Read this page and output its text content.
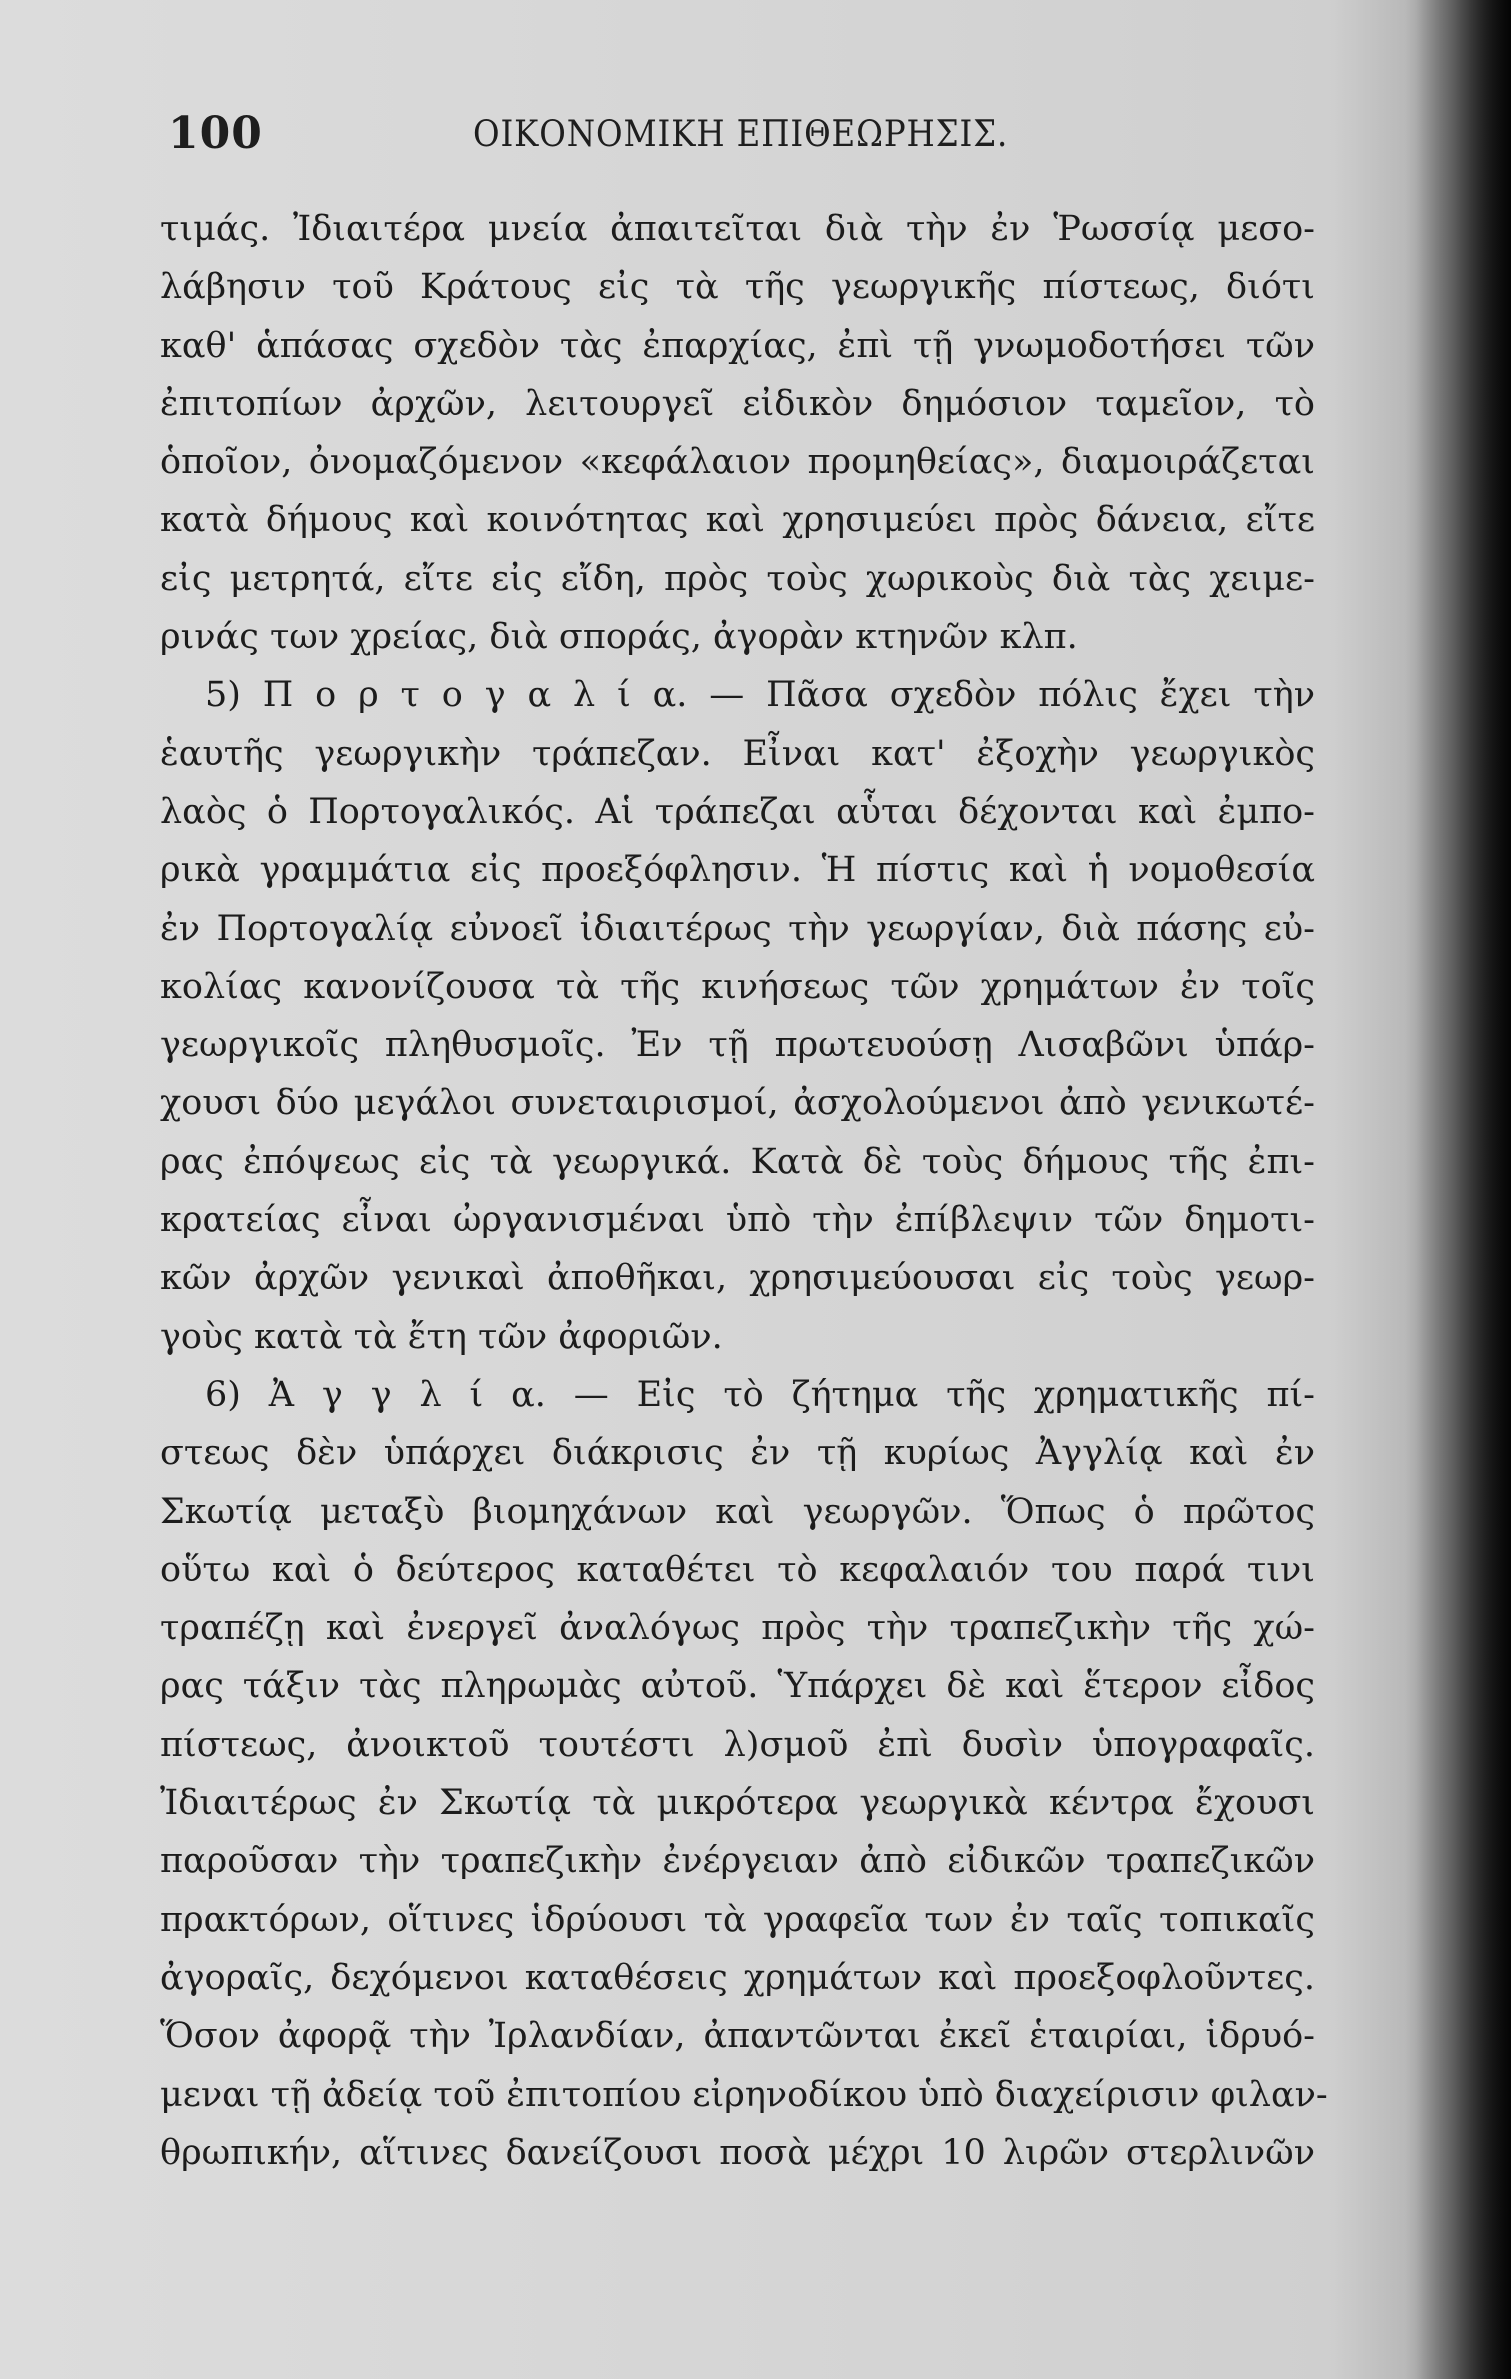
100	ΟΙΚΟΝΟΜΙΚΗ ΕΠΙΘΕΩΡΗΣΙΣ.
τιμάς. Ἰδιαιτέρα μνεία ἀπαιτεῖται διὰ τὴν ἐν Ῥωσσίᾳ μεσο-
λάβησιν τοῦ Κράτους εἰς τὰ τῆς γεωργικῆς πίστεως, διότι
καθ' ἁπάσας σχεδὸν τὰς ἐπαρχίας, ἐπὶ τῇ γνωμοδοτήσει τῶν
ἐπιτοπίων ἀρχῶν, λειτουργεῖ εἰδικὸν δημόσιον ταμεῖον, τὸ
ὁποῖον, ὀνομαζόμενον «κεφάλαιον προμηθείας», διαμοιράζεται
κατὰ δήμους καὶ κοινότητας καὶ χρησιμεύει πρὸς δάνεια, εἴτε
εἰς μετρητά, εἴτε εἰς εἴδη, πρὸς τοὺς χωρικοὺς διὰ τὰς χειμε-
ρινάς των χρείας, διὰ σποράς, ἀγορὰν κτηνῶν κλπ.
5) Π ο ρ τ ο γ α λ ί α. — Πᾶσα σχεδὸν πόλις ἔχει τὴν
ἑαυτῆς γεωργικὴν τράπεζαν. Εἶναι κατ' ἐξοχὴν γεωργικὸς
λαὸς ὁ Πορτογαλικός. Αἱ τράπεζαι αὗται δέχονται καὶ ἐμπο-
ρικὰ γραμμάτια εἰς προεξόφλησιν. Ἡ πίστις καὶ ἡ νομοθεσία
ἐν Πορτογαλίᾳ εὐνοεῖ ἰδιαιτέρως τὴν γεωργίαν, διὰ πάσης εὐ-
κολίας κανονίζουσα τὰ τῆς κινήσεως τῶν χρημάτων ἐν τοῖς
γεωργικοῖς πληθυσμοῖς. Ἐν τῇ πρωτευούσῃ Λισαβῶνι ὑπάρ-
χουσι δύο μεγάλοι συνεταιρισμοί, ἀσχολούμενοι ἀπὸ γενικωτέ-
ρας ἐπόψεως εἰς τὰ γεωργικά. Κατὰ δὲ τοὺς δήμους τῆς ἐπι-
κρατείας εἶναι ὠργανισμέναι ὑπὸ τὴν ἐπίβλεψιν τῶν δημοτι-
κῶν ἀρχῶν γενικαὶ ἀποθῆκαι, χρησιμεύουσαι εἰς τοὺς γεωρ-
γοὺς κατὰ τὰ ἔτη τῶν ἀφοριῶν.
6) Ἀ γ γ λ ί α. — Εἰς τὸ ζήτημα τῆς χρηματικῆς πί-
στεως δὲν ὑπάρχει διάκρισις ἐν τῇ κυρίως Ἀγγλίᾳ καὶ ἐν
Σκωτίᾳ μεταξὺ βιομηχάνων καὶ γεωργῶν. Ὅπως ὁ πρῶτος
οὕτω καὶ ὁ δεύτερος καταθέτει τὸ κεφαλαιόν του παρά τινι
τραπέζῃ καὶ ἐνεργεῖ ἀναλόγως πρὸς τὴν τραπεζικὴν τῆς χώ-
ρας τάξιν τὰς πληρωμὰς αὐτοῦ. Ὑπάρχει δὲ καὶ ἕτερον εἶδος
πίστεως, ἀνοικτοῦ τουτέστι λ)σμοῦ ἐπὶ δυσὶν ὑπογραφαῖς.
Ἰδιαιτέρως ἐν Σκωτίᾳ τὰ μικρότερα γεωργικὰ κέντρα ἔχουσι
παροῦσαν τὴν τραπεζικὴν ἐνέργειαν ἀπὸ εἰδικῶν τραπεζικῶν
πρακτόρων, οἵτινες ἱδρύουσι τὰ γραφεῖα των ἐν ταῖς τοπικαῖς
ἀγοραῖς, δεχόμενοι καταθέσεις χρημάτων καὶ προεξοφλοῦντες.
Ὅσον ἀφορᾷ τὴν Ἰρλανδίαν, ἀπαντῶνται ἐκεῖ ἑταιρίαι, ἱδρυό-
μεναι τῇ ἀδείᾳ τοῦ ἐπιτοπίου εἰρηνοδίκου ὑπὸ διαχείρισιν φιλαν-
θρωπικήν, αἵτινες δανείζουσι ποσὰ μέχρι 10 λιρῶν στερλινῶν
